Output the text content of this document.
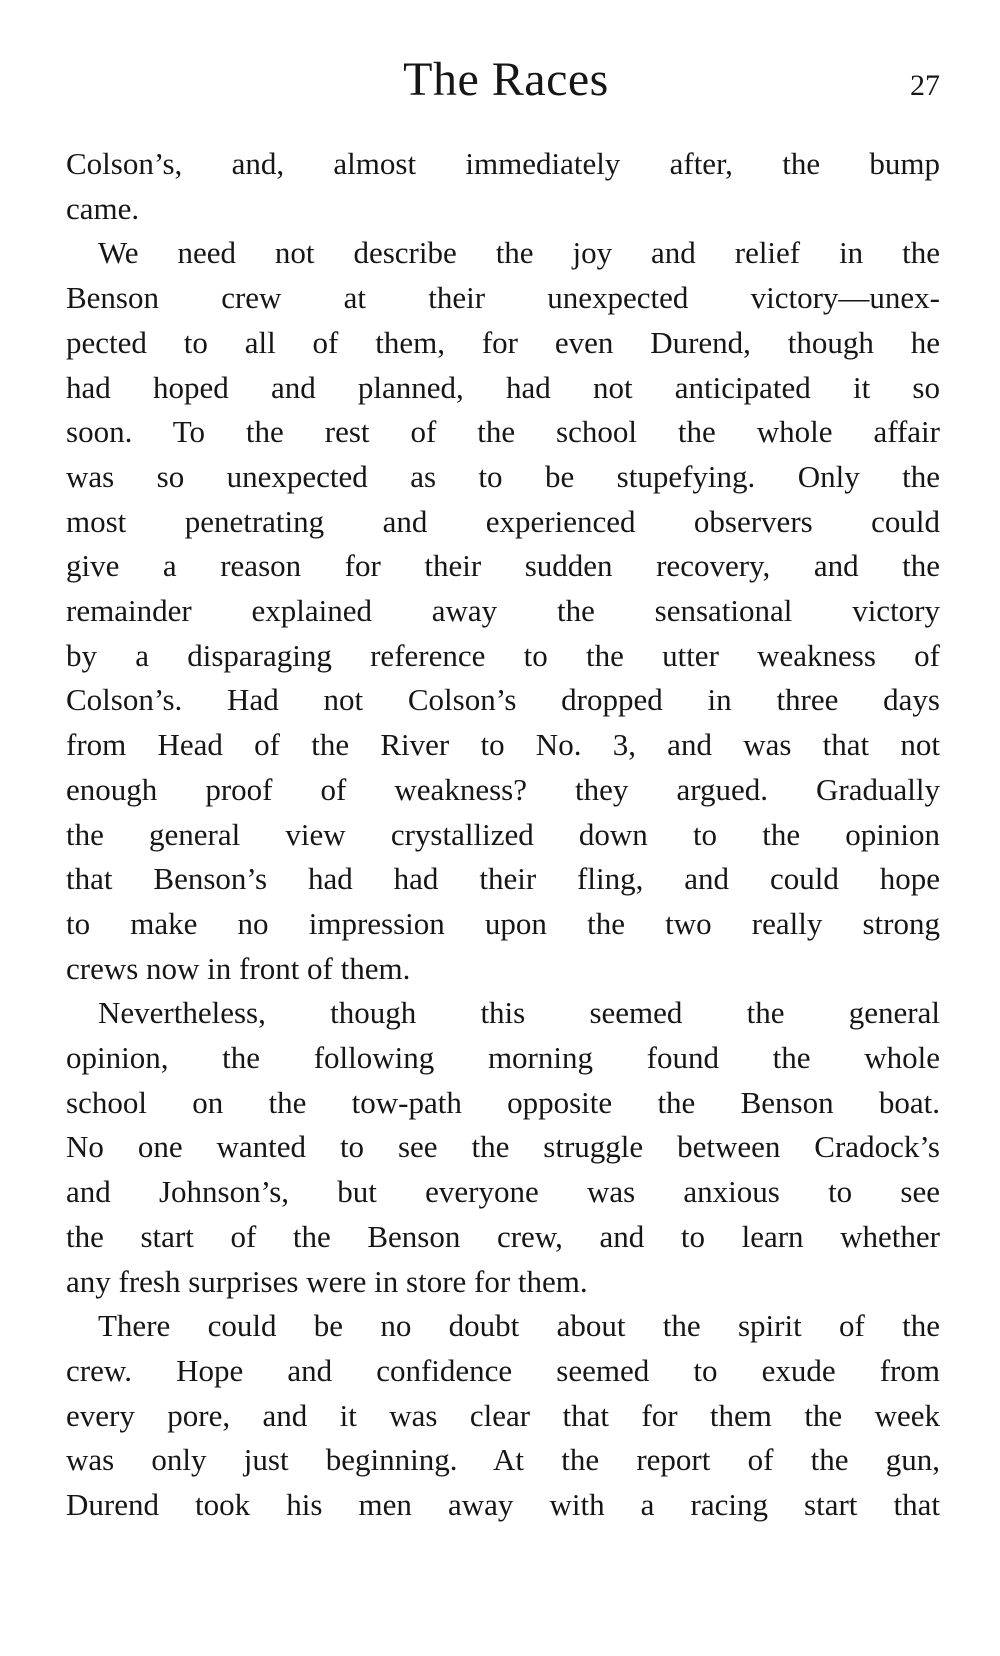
The Races	27
Colson’s, and, almost immediately after, the bump
came.
We need not describe the joy and relief in the
Benson crew at their unexpected victory—unex-
pected to all of them, for even Durend, though he
had hoped and planned, had not anticipated it so
soon. To the rest of the school the whole affair
was so unexpected as to be stupefying. Only the
most penetrating and experienced observers could
give a reason for their sudden recovery, and the
remainder explained away the sensational victory
by a disparaging reference to the utter weakness of
Colson’s. Had not Colson’s dropped in three days
from Head of the River to No. 3, and was that not
enough proof of weakness? they argued. Gradually
the general view crystallized down to the opinion
that Benson’s had had their fling, and could hope
to make no impression upon the two really strong
crews now in front of them.
Nevertheless, though this seemed the general
opinion, the following morning found the whole
school on the tow-path opposite the Benson boat.
No one wanted to see the struggle between Cradock’s
and Johnson’s, but everyone was anxious to see
the start of the Benson crew, and to learn whether
any fresh surprises were in store for them.
There could be no doubt about the spirit of the
crew. Hope and confidence seemed to exude from
every pore, and it was clear that for them the week
was only just beginning. At the report of the gun,
Durend took his men away with a racing start that
